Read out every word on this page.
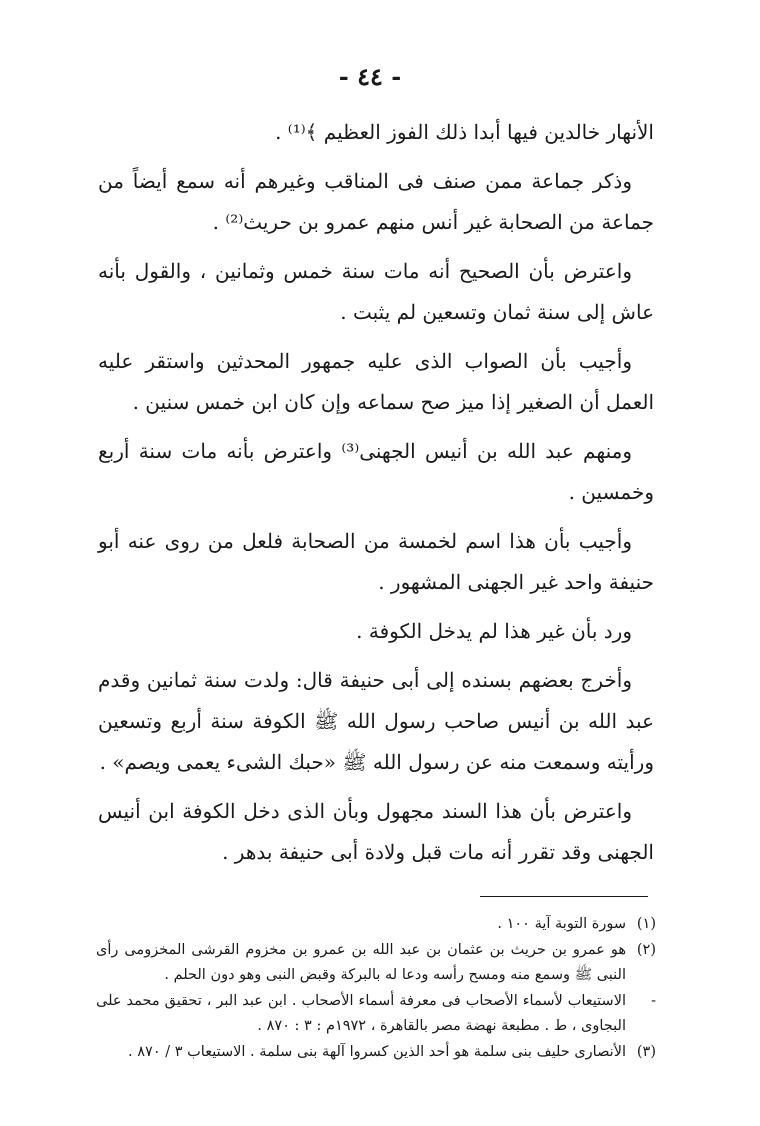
- ٤٤ -

الأنهار خالدين فيها أبدا ذلك الفوز العظيم ﴾⁽¹⁾ .

وذكر جماعة ممن صنف فى المناقب وغيرهم أنه سمع أيضاً من جماعة من الصحابة غير أنس منهم عمرو بن حريث⁽²⁾ .

واعترض بأن الصحيح أنه مات سنة خمس وثمانين ، والقول بأنه عاش إلى سنة ثمان وتسعين لم يثبت .

وأجيب بأن الصواب الذى عليه جمهور المحدثين واستقر عليه العمل أن الصغير إذا ميز صح سماعه وإن كان ابن خمس سنين .

ومنهم عبد الله بن أنيس الجهنى⁽³⁾ واعترض بأنه مات سنة أربع وخمسين .

وأجيب بأن هذا اسم لخمسة من الصحابة فلعل من روى عنه أبو حنيفة واحد غير الجهنى المشهور .

ورد بأن غير هذا لم يدخل الكوفة .

وأخرج بعضهم بسنده إلى أبى حنيفة قال: ولدت سنة ثمانين وقدم عبد الله بن أنيس صاحب رسول الله ﷺ الكوفة سنة أربع وتسعين ورأيته وسمعت منه عن رسول الله ﷺ «حبك الشىء يعمى ويصم» .

واعترض بأن هذا السند مجهول وبأن الذى دخل الكوفة ابن أنيس الجهنى وقد تقرر أنه مات قبل ولادة أبى حنيفة بدهر .

(١)
سورة التوبة آية ١٠٠ .
(٢)
هو عمرو بن حريث بن عثمان بن عبد الله بن عمرو بن مخزوم القرشى المخزومى رأى النبى ﷺ وسمع منه ومسح رأسه ودعا له بالبركة وقبض النبى وهو دون الحلم .
-
الاستيعاب لأسماء الأصحاب فى معرفة أسماء الأصحاب . ابن عبد البر ، تحقيق محمد على البجاوى ، ط . مطبعة نهضة مصر بالقاهرة ، ١٩٧٢م : ٣ : ٨٧٠ .
(٣)
الأنصارى حليف بنى سلمة هو أحد الذين كسروا آلهة بنى سلمة . الاستيعاب ٣ / ٨٧٠ .
